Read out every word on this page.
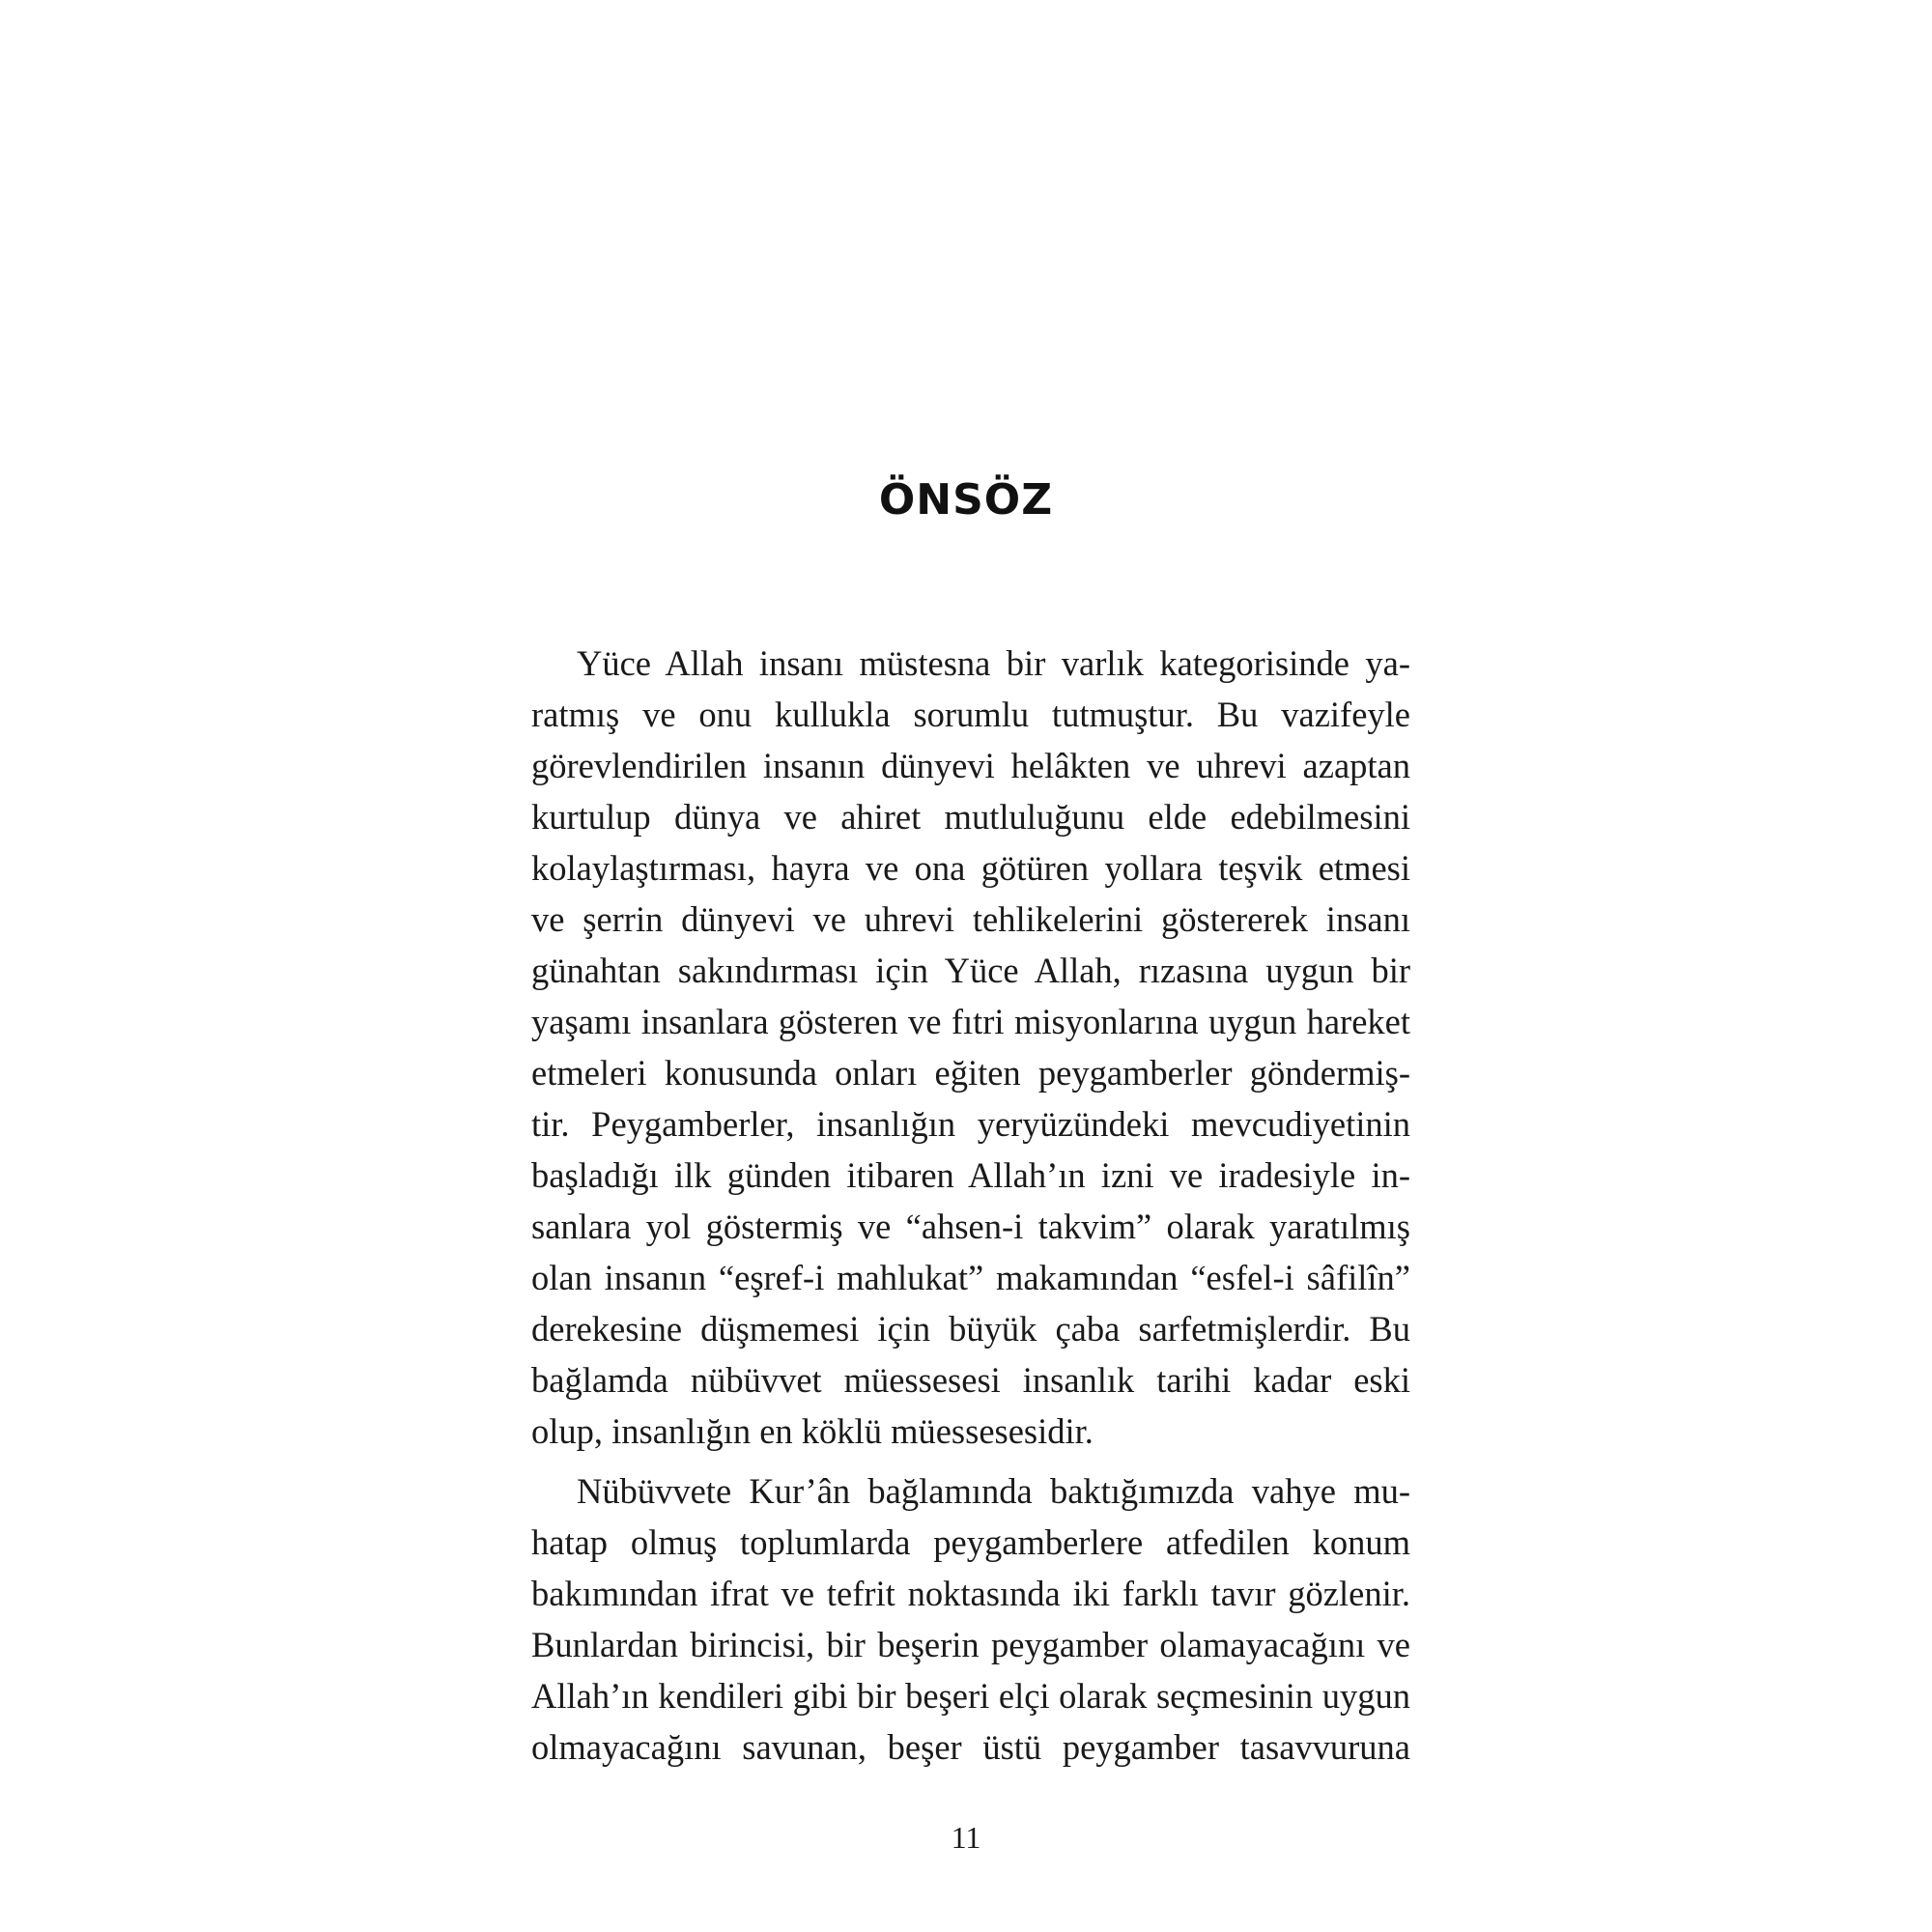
ÖNSÖZ

Yüce Allah insanı müstesna bir varlık kategorisinde ya-
ratmış ve onu kullukla sorumlu tutmuştur. Bu vazifeyle
görevlendirilen insanın dünyevi helâkten ve uhrevi azaptan
kurtulup dünya ve ahiret mutluluğunu elde edebilmesini
kolaylaştırması, hayra ve ona götüren yollara teşvik etmesi
ve şerrin dünyevi ve uhrevi tehlikelerini göstererek insanı
günahtan sakındırması için Yüce Allah, rızasına uygun bir
yaşamı insanlara gösteren ve fıtri misyonlarına uygun hareket
etmeleri konusunda onları eğiten peygamberler göndermiş-
tir. Peygamberler, insanlığın yeryüzündeki mevcudiyetinin
başladığı ilk günden itibaren Allah’ın izni ve iradesiyle in-
sanlara yol göstermiş ve “ahsen-i takvim” olarak yaratılmış
olan insanın “eşref-i mahlukat” makamından “esfel-i sâfilîn”
derekesine düşmemesi için büyük çaba sarfetmişlerdir. Bu
bağlamda nübüvvet müessesesi insanlık tarihi kadar eski
olup, insanlığın en köklü müessesesidir.

Nübüvvete Kur’ân bağlamında baktığımızda vahye mu-
hatap olmuş toplumlarda peygamberlere atfedilen konum
bakımından ifrat ve tefrit noktasında iki farklı tavır gözlenir.
Bunlardan birincisi, bir beşerin peygamber olamayacağını ve
Allah’ın kendileri gibi bir beşeri elçi olarak seçmesinin uygun
olmayacağını savunan, beşer üstü peygamber tasavvuruna

11
